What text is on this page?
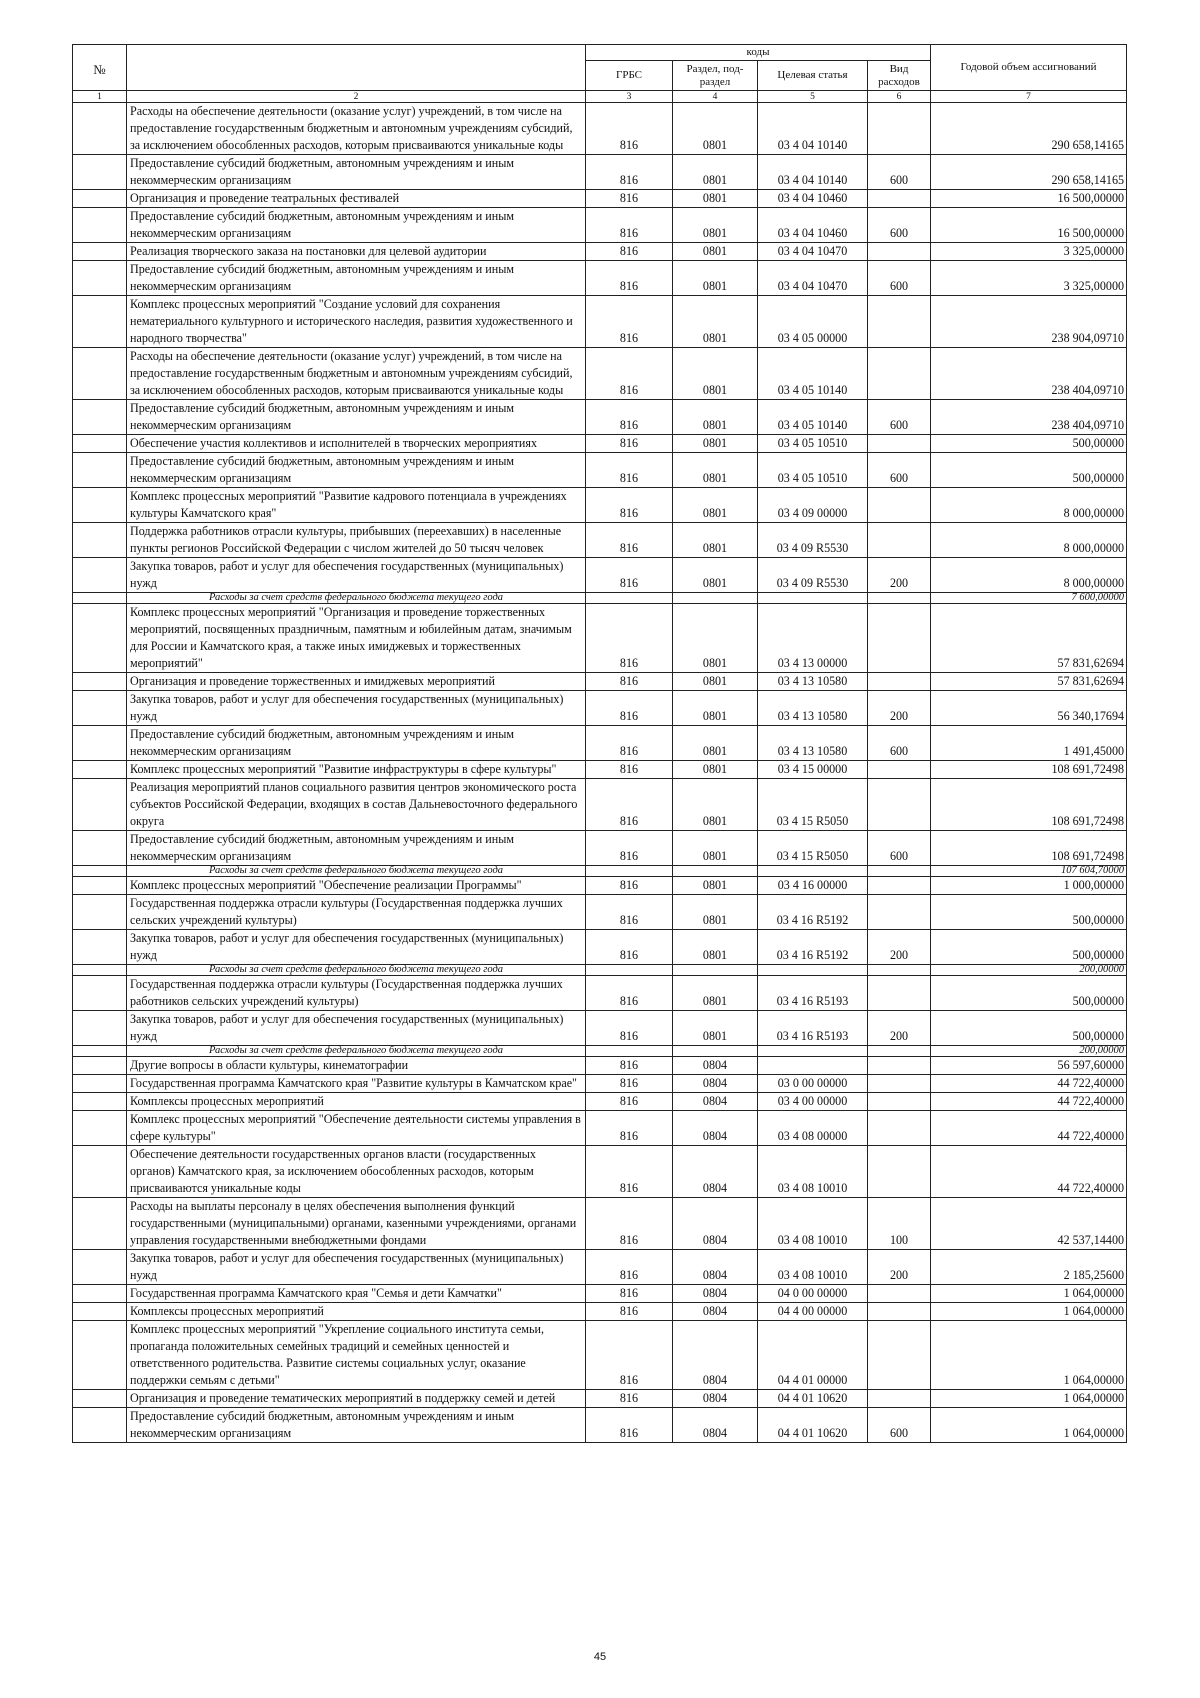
№		коды				Годовой объем ассигнований
		ГРБС	Раздел, под-раздел	Целевая статья	Вид расходов	
1	2	3	4	5	6	7
	Расходы на обеспечение деятельности (оказание услуг) учреждений, в том числе на предоставление государственным бюджетным и автономным учреждениям субсидий, за исключением обособленных расходов, которым присваиваются уникальные коды	816	0801	03 4 04 10140		290 658,14165
	Предоставление субсидий бюджетным, автономным учреждениям и иным некоммерческим организациям	816	0801	03 4 04 10140	600	290 658,14165
	Организация и проведение театральных фестивалей	816	0801	03 4 04 10460		16 500,00000
	Предоставление субсидий бюджетным, автономным учреждениям и иным некоммерческим организациям	816	0801	03 4 04 10460	600	16 500,00000
	Реализация творческого заказа на постановки для целевой аудитории	816	0801	03 4 04 10470		3 325,00000
	Предоставление субсидий бюджетным, автономным учреждениям и иным некоммерческим организациям	816	0801	03 4 04 10470	600	3 325,00000
	Комплекс процессных мероприятий "Создание условий для сохранения нематериального культурного и исторического наследия, развития художественного и народного творчества"	816	0801	03 4 05 00000		238 904,09710
	Расходы на обеспечение деятельности (оказание услуг) учреждений, в том числе на предоставление государственным бюджетным и автономным учреждениям субсидий, за исключением обособленных расходов, которым присваиваются уникальные коды	816	0801	03 4 05 10140		238 404,09710
	Предоставление субсидий бюджетным, автономным учреждениям и иным некоммерческим организациям	816	0801	03 4 05 10140	600	238 404,09710
	Обеспечение участия коллективов и исполнителей в творческих мероприятиях	816	0801	03 4 05 10510		500,00000
	Предоставление субсидий бюджетным, автономным учреждениям и иным некоммерческим организациям	816	0801	03 4 05 10510	600	500,00000
	Комплекс процессных мероприятий "Развитие кадрового потенциала в учреждениях культуры Камчатского края"	816	0801	03 4 09 00000		8 000,00000
	Поддержка работников отрасли культуры, прибывших (переехавших) в населенные пункты регионов Российской Федерации с числом жителей до 50 тысяч человек	816	0801	03 4 09 R5530		8 000,00000
	Закупка товаров, работ и услуг для обеспечения государственных (муниципальных) нужд	816	0801	03 4 09 R5530	200	8 000,00000
	Расходы за счет средств федерального бюджета текущего года					7 600,00000
	Комплекс процессных мероприятий "Организация и проведение торжественных мероприятий, посвященных праздничным, памятным и юбилейным датам, значимым для России и Камчатского края, а также иных имиджевых и торжественных мероприятий"	816	0801	03 4 13 00000		57 831,62694
	Организация и проведение торжественных и имиджевых мероприятий	816	0801	03 4 13 10580		57 831,62694
	Закупка товаров, работ и услуг для обеспечения государственных (муниципальных) нужд	816	0801	03 4 13 10580	200	56 340,17694
	Предоставление субсидий бюджетным, автономным учреждениям и иным некоммерческим организациям	816	0801	03 4 13 10580	600	1 491,45000
	Комплекс процессных мероприятий "Развитие инфраструктуры в сфере культуры"	816	0801	03 4 15 00000		108 691,72498
	Реализация мероприятий планов социального развития центров экономического роста субъектов Российской Федерации, входящих в состав Дальневосточного федерального округа	816	0801	03 4 15 R5050		108 691,72498
	Предоставление субсидий бюджетным, автономным учреждениям и иным некоммерческим организациям	816	0801	03 4 15 R5050	600	108 691,72498
	Расходы за счет средств федерального бюджета текущего года					107 604,70000
	Комплекс процессных мероприятий "Обеспечение реализации Программы"	816	0801	03 4 16 00000		1 000,00000
	Государственная поддержка отрасли культуры (Государственная поддержка лучших сельских учреждений культуры)	816	0801	03 4 16 R5192		500,00000
	Закупка товаров, работ и услуг для обеспечения государственных (муниципальных) нужд	816	0801	03 4 16 R5192	200	500,00000
	Расходы за счет средств федерального бюджета текущего года					200,00000
	Государственная поддержка отрасли культуры (Государственная поддержка лучших работников сельских учреждений культуры)	816	0801	03 4 16 R5193		500,00000
	Закупка товаров, работ и услуг для обеспечения государственных (муниципальных) нужд	816	0801	03 4 16 R5193	200	500,00000
	Расходы за счет средств федерального бюджета текущего года					200,00000
	Другие вопросы в области культуры, кинематографии	816	0804			56 597,60000
	Государственная программа Камчатского края "Развитие культуры в Камчатском крае"	816	0804	03 0 00 00000		44 722,40000
	Комплексы процессных мероприятий	816	0804	03 4 00 00000		44 722,40000
	Комплекс процессных мероприятий "Обеспечение деятельности системы управления в сфере культуры"	816	0804	03 4 08 00000		44 722,40000
	Обеспечение деятельности государственных органов власти (государственных органов) Камчатского края, за исключением обособленных расходов, которым присваиваются уникальные коды	816	0804	03 4 08 10010		44 722,40000
	Расходы на выплаты персоналу в целях обеспечения выполнения функций государственными (муниципальными) органами, казенными учреждениями, органами управления государственными внебюджетными фондами	816	0804	03 4 08 10010	100	42 537,14400
	Закупка товаров, работ и услуг для обеспечения государственных (муниципальных) нужд	816	0804	03 4 08 10010	200	2 185,25600
	Государственная программа Камчатского края "Семья и дети Камчатки"	816	0804	04 0 00 00000		1 064,00000
	Комплексы процессных мероприятий	816	0804	04 4 00 00000		1 064,00000
	Комплекс процессных мероприятий "Укрепление социального института семьи, пропаганда положительных семейных традиций и семейных ценностей и ответственного родительства. Развитие системы социальных услуг, оказание поддержки семьям с детьми"	816	0804	04 4 01 00000		1 064,00000
	Организация и проведение тематических мероприятий в поддержку семей и детей	816	0804	04 4 01 10620		1 064,00000
	Предоставление субсидий бюджетным, автономным учреждениям и иным некоммерческим организациям	816	0804	04 4 01 10620	600	1 064,00000
45
